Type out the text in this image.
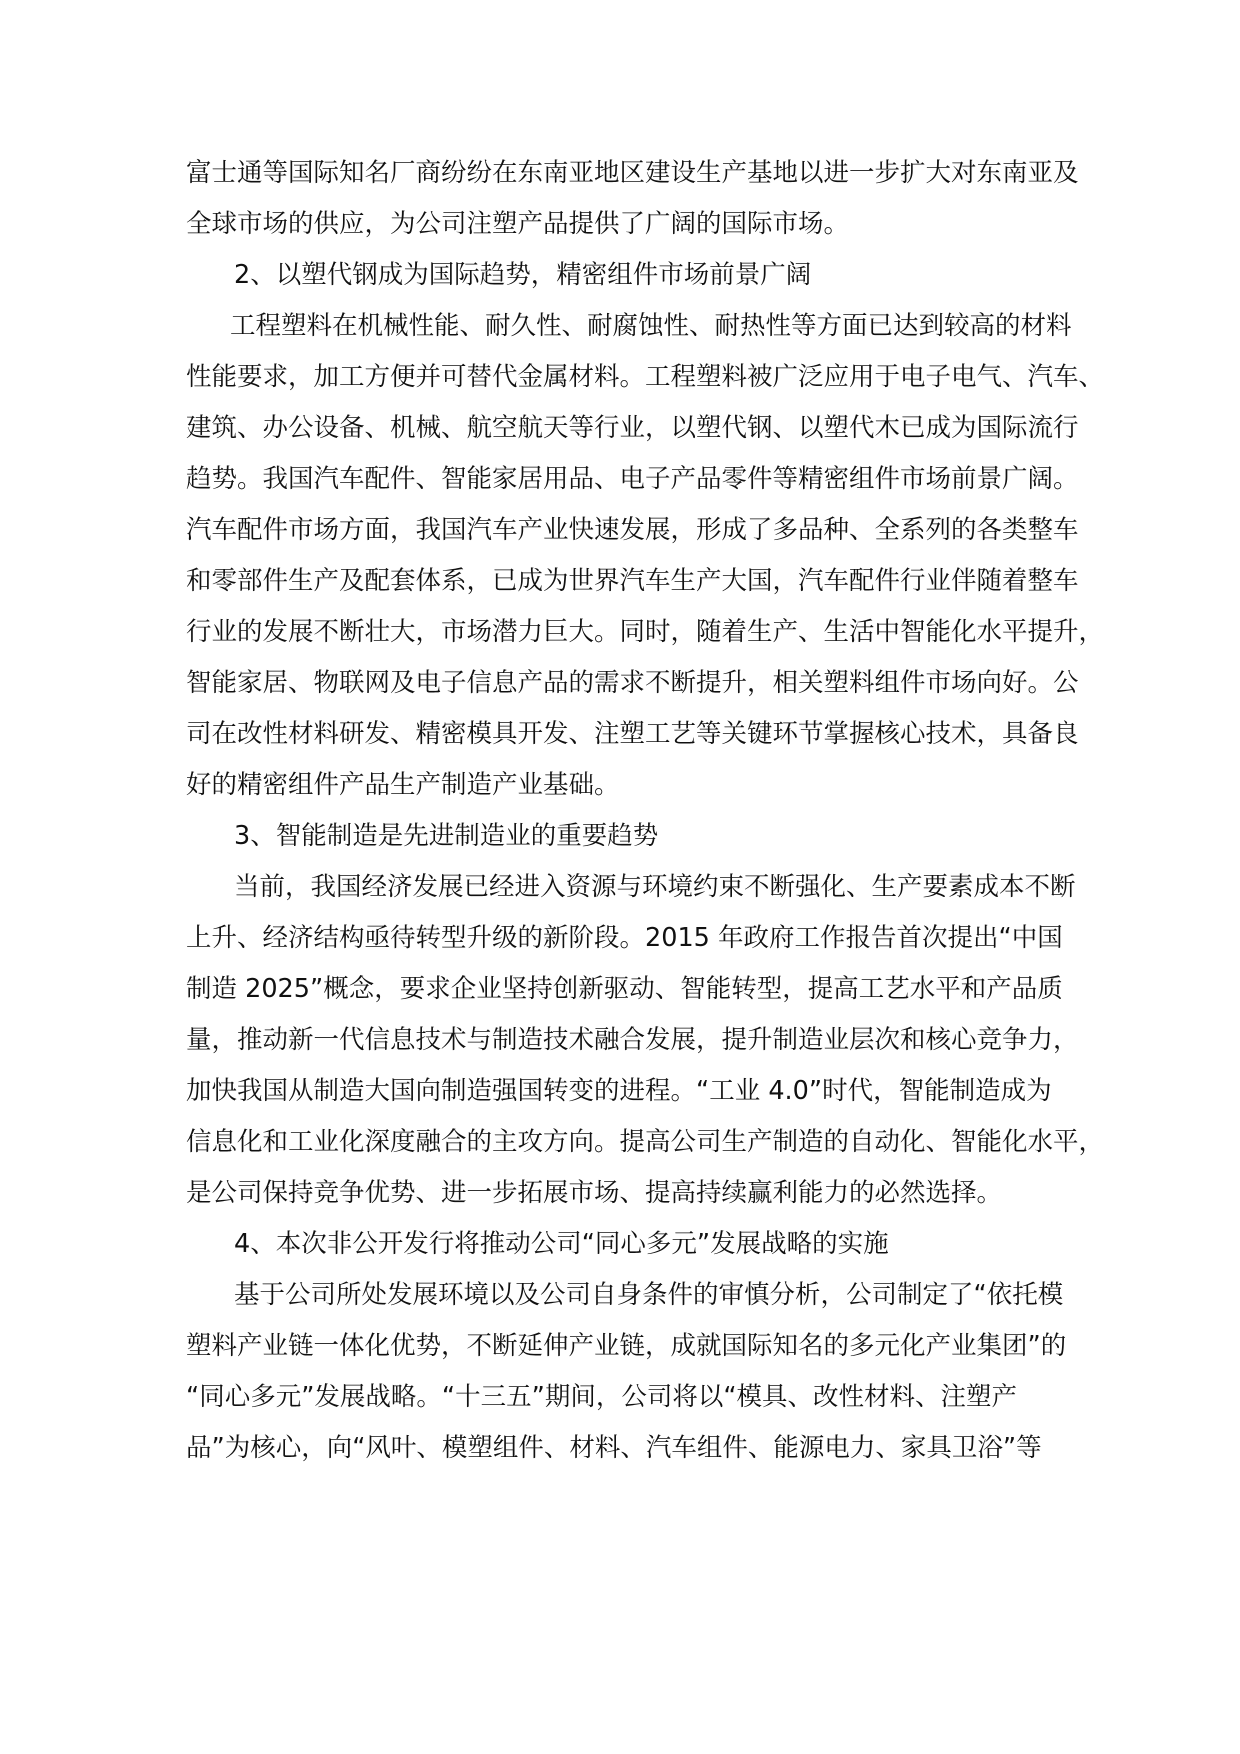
富士通等国际知名厂商纷纷在东南亚地区建设生产基地以进一步扩大对东南亚及
全球市场的供应，为公司注塑产品提供了广阔的国际市场。
2、以塑代钢成为国际趋势，精密组件市场前景广阔
工程塑料在机械性能、耐久性、耐腐蚀性、耐热性等方面已达到较高的材料
性能要求，加工方便并可替代金属材料。工程塑料被广泛应用于电子电气、汽车、
建筑、办公设备、机械、航空航天等行业，以塑代钢、以塑代木已成为国际流行
趋势。我国汽车配件、智能家居用品、电子产品零件等精密组件市场前景广阔。
汽车配件市场方面，我国汽车产业快速发展，形成了多品种、全系列的各类整车
和零部件生产及配套体系，已成为世界汽车生产大国，汽车配件行业伴随着整车
行业的发展不断壮大，市场潜力巨大。同时，随着生产、生活中智能化水平提升，
智能家居、物联网及电子信息产品的需求不断提升，相关塑料组件市场向好。公
司在改性材料研发、精密模具开发、注塑工艺等关键环节掌握核心技术，具备良
好的精密组件产品生产制造产业基础。
3、智能制造是先进制造业的重要趋势
当前，我国经济发展已经进入资源与环境约束不断强化、生产要素成本不断
上升、经济结构亟待转型升级的新阶段。2015 年政府工作报告首次提出“中国
制造 2025”概念，要求企业坚持创新驱动、智能转型，提高工艺水平和产品质
量，推动新一代信息技术与制造技术融合发展，提升制造业层次和核心竞争力，
加快我国从制造大国向制造强国转变的进程。“工业 4.0”时代，智能制造成为
信息化和工业化深度融合的主攻方向。提高公司生产制造的自动化、智能化水平，
是公司保持竞争优势、进一步拓展市场、提高持续赢利能力的必然选择。
4、本次非公开发行将推动公司“同心多元”发展战略的实施
基于公司所处发展环境以及公司自身条件的审慎分析，公司制定了“依托模
塑料产业链一体化优势，不断延伸产业链，成就国际知名的多元化产业集团”的
“同心多元”发展战略。“十三五”期间，公司将以“模具、改性材料、注塑产
品”为核心，向“风叶、模塑组件、材料、汽车组件、能源电力、家具卫浴”等
